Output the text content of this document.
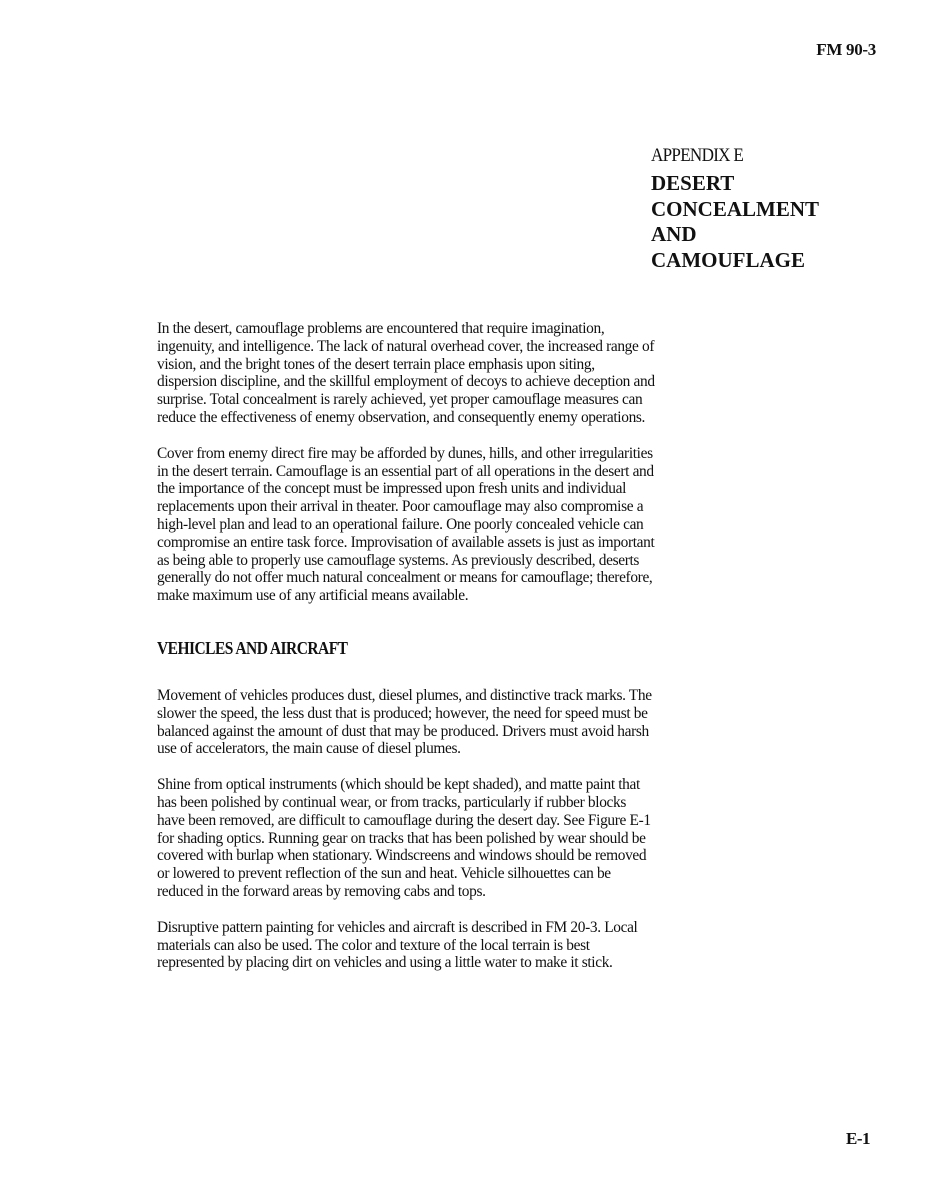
FM 90-3
APPENDIX E
DESERT
CONCEALMENT
AND
CAMOUFLAGE

In the desert, camouflage problems are encountered that require imagination, ingenuity, and intelligence. The lack of natural overhead cover, the increased range of vision, and the bright tones of the desert terrain place emphasis upon siting, dispersion discipline, and the skillful employment of decoys to achieve deception and surprise. Total concealment is rarely achieved, yet proper camouflage measures can reduce the effectiveness of enemy observation, and consequently enemy operations.

Cover from enemy direct fire may be afforded by dunes, hills, and other irregularities in the desert terrain. Camouflage is an essential part of all operations in the desert and the importance of the concept must be impressed upon fresh units and individual replacements upon their arrival in theater. Poor camouflage may also compromise a high-level plan and lead to an operational failure. One poorly concealed vehicle can compromise an entire task force. Improvisation of available assets is just as important as being able to properly use camouflage systems. As previously described, deserts generally do not offer much natural concealment or means for camouflage; therefore, make maximum use of any artificial means available.

VEHICLES AND AIRCRAFT

Movement of vehicles produces dust, diesel plumes, and distinctive track marks. The slower the speed, the less dust that is produced; however, the need for speed must be balanced against the amount of dust that may be produced. Drivers must avoid harsh use of accelerators, the main cause of diesel plumes.

Shine from optical instruments (which should be kept shaded), and matte paint that has been polished by continual wear, or from tracks, particularly if rubber blocks have been removed, are difficult to camouflage during the desert day. See Figure E-1 for shading optics. Running gear on tracks that has been polished by wear should be covered with burlap when stationary. Windscreens and windows should be removed or lowered to prevent reflection of the sun and heat. Vehicle silhouettes can be reduced in the forward areas by removing cabs and tops.

Disruptive pattern painting for vehicles and aircraft is described in FM 20-3. Local materials can also be used. The color and texture of the local terrain is best represented by placing dirt on vehicles and using a little water to make it stick.

E-1
